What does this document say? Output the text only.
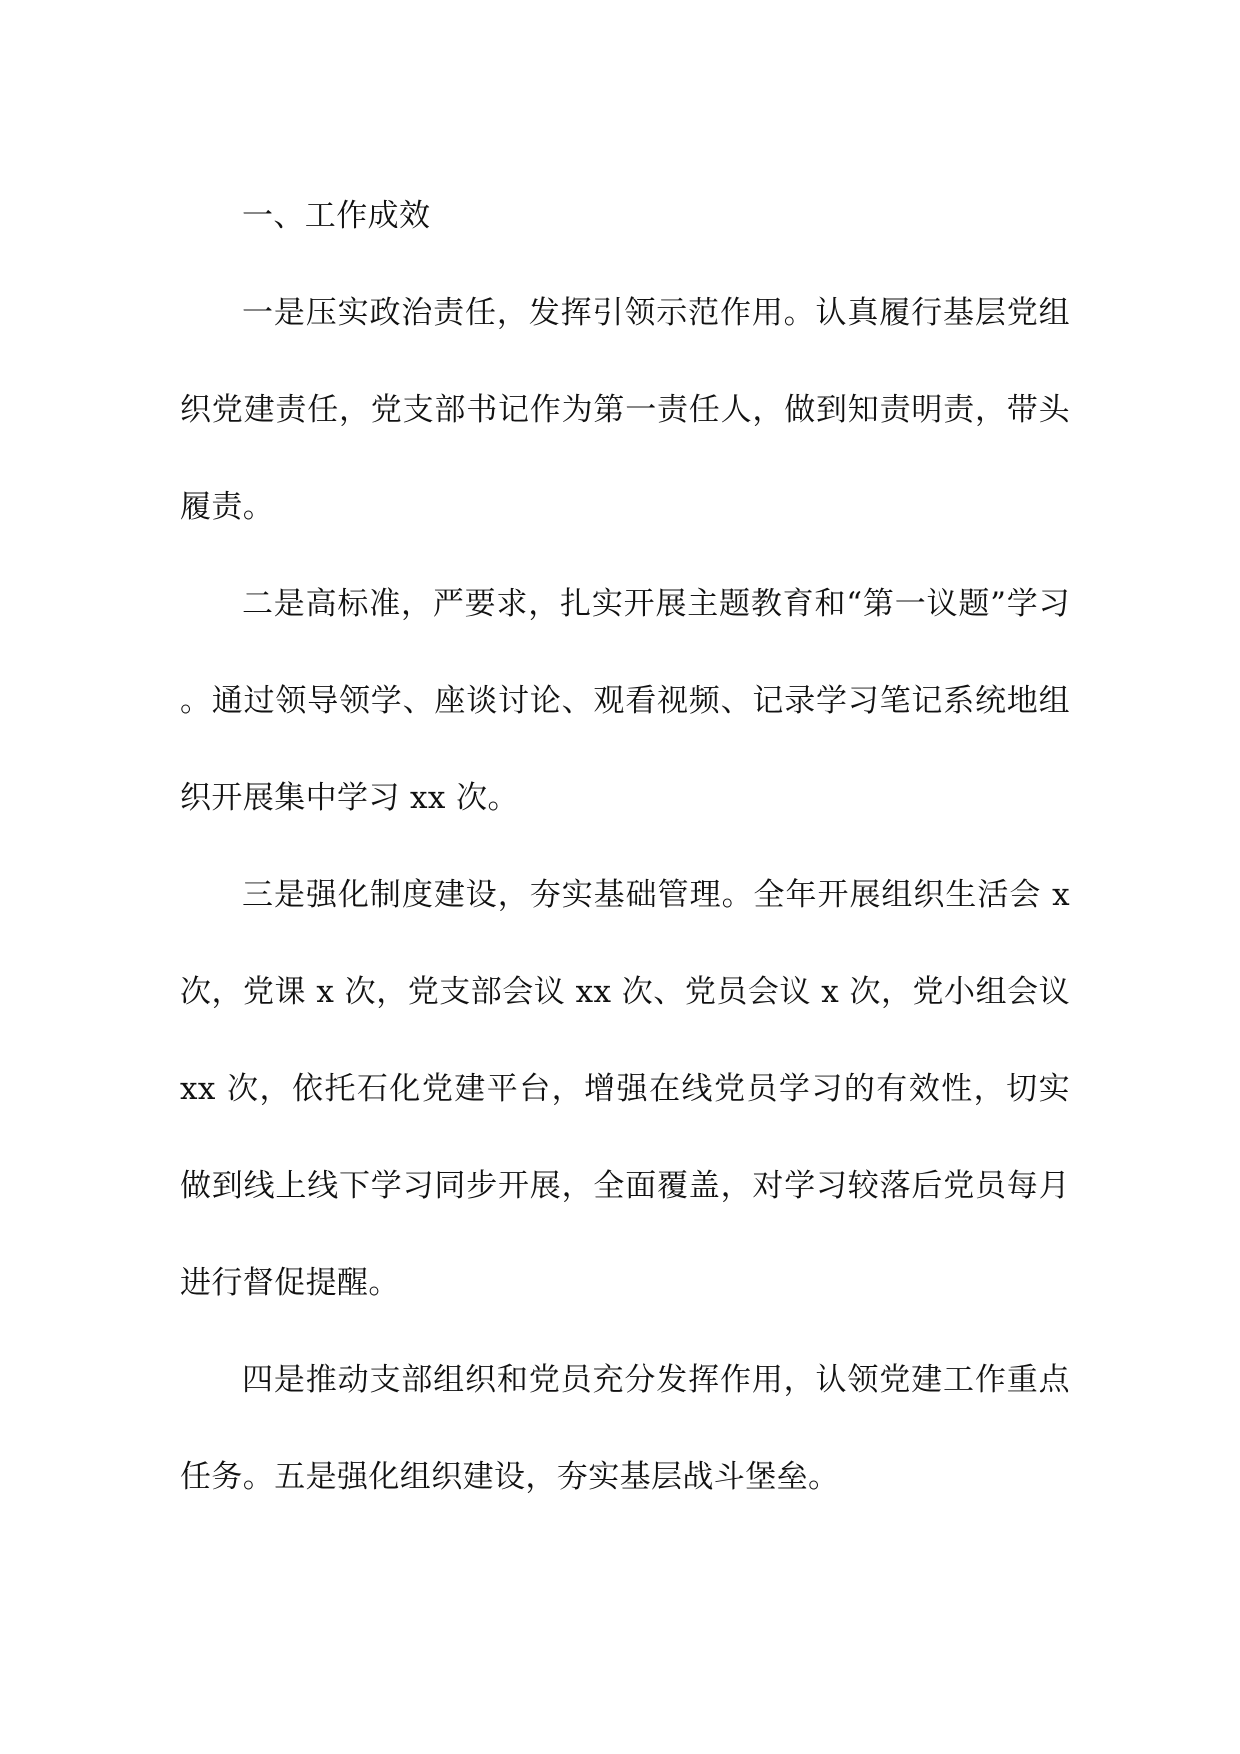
一、工作成效

一是压实政治责任，发挥引领示范作用。认真履行基层党组织党建责任，党支部书记作为第一责任人，做到知责明责，带头履责。

二是高标准，严要求，扎实开展主题教育和“第一议题”学习。通过领导领学、座谈讨论、观看视频、记录学习笔记系统地组织开展集中学习 xx 次。

三是强化制度建设，夯实基础管理。全年开展组织生活会 x 次，党课 x 次，党支部会议 xx 次、党员会议 x 次，党小组会议 xx 次，依托石化党建平台，增强在线党员学习的有效性，切实做到线上线下学习同步开展，全面覆盖，对学习较落后党员每月进行督促提醒。

四是推动支部组织和党员充分发挥作用，认领党建工作重点任务。五是强化组织建设，夯实基层战斗堡垒。
